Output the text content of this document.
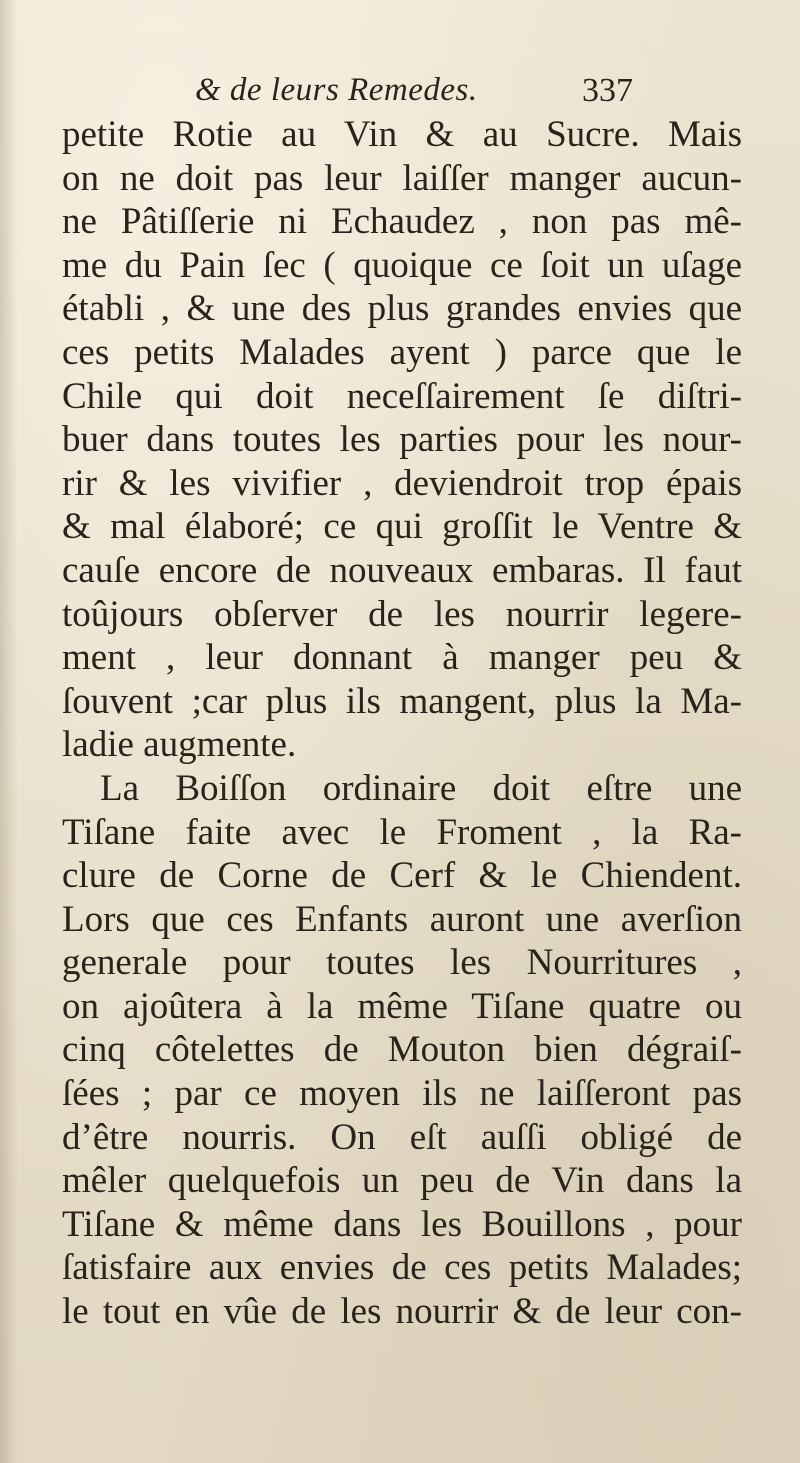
& de leurs Remedes.	337
petite Rotie au Vin & au Sucre. Mais
on ne doit pas leur laiſſer manger aucun-
ne Pâtiſſerie ni Echaudez , non pas mê-
me du Pain ſec ( quoique ce ſoit un uſage
établi , & une des plus grandes envies que
ces petits Malades ayent ) parce que le
Chile qui doit neceſſairement ſe diſtri-
buer dans toutes les parties pour les nour-
rir & les vivifier , deviendroit trop épais
& mal élaboré; ce qui groſſit le Ventre &
cauſe encore de nouveaux embaras. Il faut
toûjours obſerver de les nourrir legere-
ment , leur donnant à manger peu &
ſouvent ;car plus ils mangent, plus la Ma-
ladie augmente.
La Boiſſon ordinaire doit eſtre une
Tiſane faite avec le Froment , la Ra-
clure de Corne de Cerf & le Chiendent.
Lors que ces Enfants auront une averſion
generale pour toutes les Nourritures ,
on ajoûtera à la même Tiſane quatre ou
cinq côtelettes de Mouton bien dégraiſ-
ſées ; par ce moyen ils ne laiſſeront pas
d’être nourris. On eſt auſſi obligé de
mêler quelquefois un peu de Vin dans la
Tiſane & même dans les Bouillons , pour
ſatisfaire aux envies de ces petits Malades;
le tout en vûe de les nourrir & de leur con-
